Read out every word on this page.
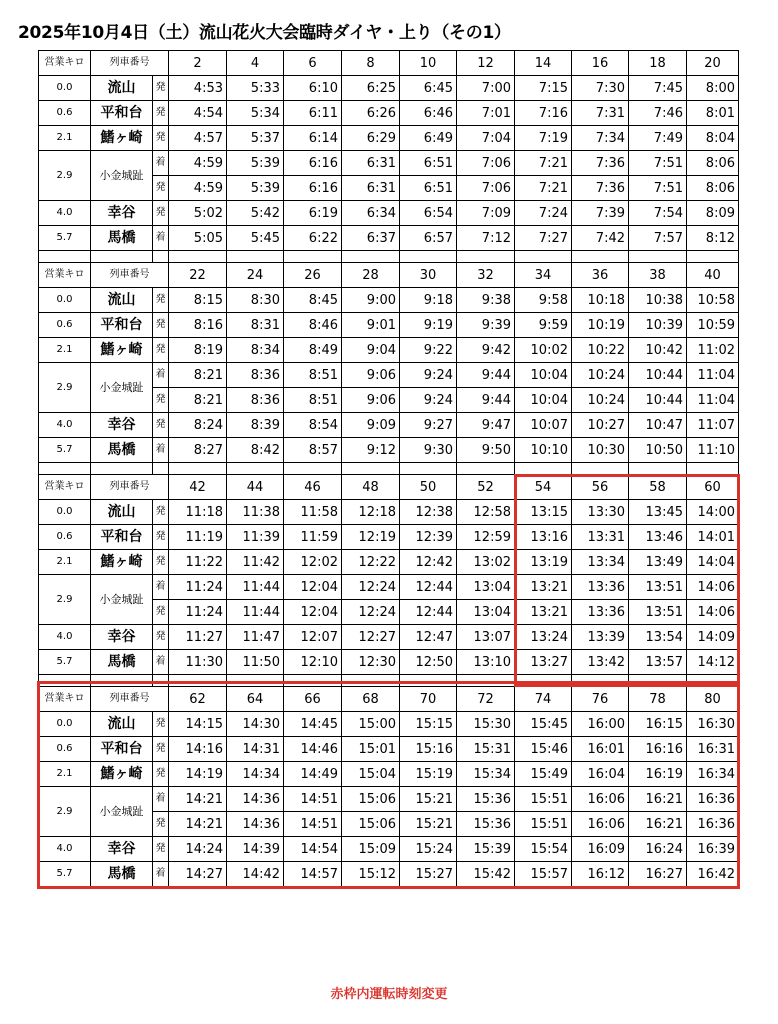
2025年10月4日（土）流山花火大会臨時ダイヤ・上り（その1）
営業キロ	列車番号		2	4	6	8	10	12	14	16	18	20
0.0	流山	発	4:53	5:33	6:10	6:25	6:45	7:00	7:15	7:30	7:45	8:00
0.6	平和台	発	4:54	5:34	6:11	6:26	6:46	7:01	7:16	7:31	7:46	8:01
2.1	鰭ヶ崎	発	4:57	5:37	6:14	6:29	6:49	7:04	7:19	7:34	7:49	8:04
2.9	小金城趾	着	4:59	5:39	6:16	6:31	6:51	7:06	7:21	7:36	7:51	8:06
		発	4:59	5:39	6:16	6:31	6:51	7:06	7:21	7:36	7:51	8:06
4.0	幸谷	発	5:02	5:42	6:19	6:34	6:54	7:09	7:24	7:39	7:54	8:09
5.7	馬橋	着	5:05	5:45	6:22	6:37	6:57	7:12	7:27	7:42	7:57	8:12

営業キロ	列車番号		22	24	26	28	30	32	34	36	38	40
0.0	流山	発	8:15	8:30	8:45	9:00	9:18	9:38	9:58	10:18	10:38	10:58
0.6	平和台	発	8:16	8:31	8:46	9:01	9:19	9:39	9:59	10:19	10:39	10:59
2.1	鰭ヶ崎	発	8:19	8:34	8:49	9:04	9:22	9:42	10:02	10:22	10:42	11:02
2.9	小金城趾	着	8:21	8:36	8:51	9:06	9:24	9:44	10:04	10:24	10:44	11:04
		発	8:21	8:36	8:51	9:06	9:24	9:44	10:04	10:24	10:44	11:04
4.0	幸谷	発	8:24	8:39	8:54	9:09	9:27	9:47	10:07	10:27	10:47	11:07
5.7	馬橋	着	8:27	8:42	8:57	9:12	9:30	9:50	10:10	10:30	10:50	11:10

営業キロ	列車番号		42	44	46	48	50	52	54	56	58	60
0.0	流山	発	11:18	11:38	11:58	12:18	12:38	12:58	13:15	13:30	13:45	14:00
0.6	平和台	発	11:19	11:39	11:59	12:19	12:39	12:59	13:16	13:31	13:46	14:01
2.1	鰭ヶ崎	発	11:22	11:42	12:02	12:22	12:42	13:02	13:19	13:34	13:49	14:04
2.9	小金城趾	着	11:24	11:44	12:04	12:24	12:44	13:04	13:21	13:36	13:51	14:06
		発	11:24	11:44	12:04	12:24	12:44	13:04	13:21	13:36	13:51	14:06
4.0	幸谷	発	11:27	11:47	12:07	12:27	12:47	13:07	13:24	13:39	13:54	14:09
5.7	馬橋	着	11:30	11:50	12:10	12:30	12:50	13:10	13:27	13:42	13:57	14:12

営業キロ	列車番号		62	64	66	68	70	72	74	76	78	80
0.0	流山	発	14:15	14:30	14:45	15:00	15:15	15:30	15:45	16:00	16:15	16:30
0.6	平和台	発	14:16	14:31	14:46	15:01	15:16	15:31	15:46	16:01	16:16	16:31
2.1	鰭ヶ崎	発	14:19	14:34	14:49	15:04	15:19	15:34	15:49	16:04	16:19	16:34
2.9	小金城趾	着	14:21	14:36	14:51	15:06	15:21	15:36	15:51	16:06	16:21	16:36
		発	14:21	14:36	14:51	15:06	15:21	15:36	15:51	16:06	16:21	16:36
4.0	幸谷	発	14:24	14:39	14:54	15:09	15:24	15:39	15:54	16:09	16:24	16:39
5.7	馬橋	着	14:27	14:42	14:57	15:12	15:27	15:42	15:57	16:12	16:27	16:42
赤枠内運転時刻変更
